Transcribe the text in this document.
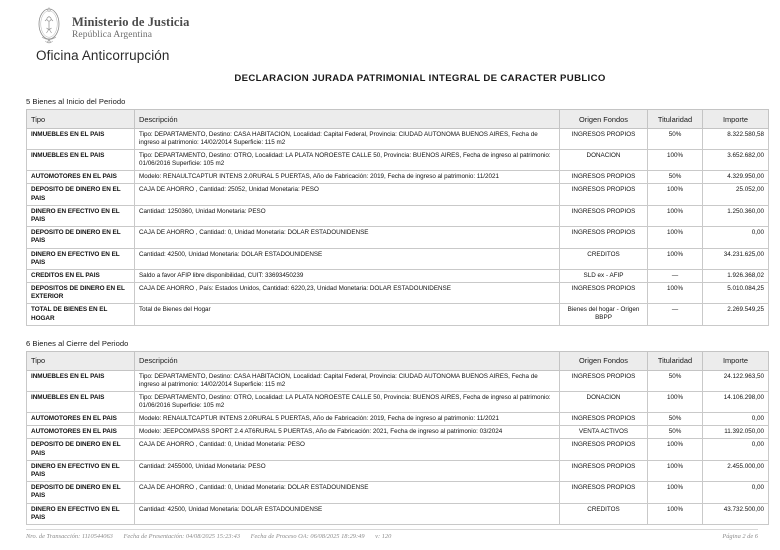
Ministerio de Justicia
República Argentina
Oficina Anticorrupción
DECLARACION JURADA PATRIMONIAL INTEGRAL DE CARACTER PUBLICO
5 Bienes al Inicio del Periodo
Tipo	Descripción	Origen Fondos	Titularidad	Importe
INMUEBLES EN EL PAIS	Tipo: DEPARTAMENTO, Destino: CASA HABITACION, Localidad: Capital Federal, Provincia: CIUDAD AUTONOMA BUENOS AIRES, Fecha de ingreso al patrimonio: 14/02/2014 Superficie: 115 m2	INGRESOS PROPIOS	50%	8.322.580,58
INMUEBLES EN EL PAIS	Tipo: DEPARTAMENTO, Destino: OTRO, Localidad: LA PLATA NOROESTE CALLE 50, Provincia: BUENOS AIRES, Fecha de ingreso al patrimonio: 01/06/2016 Superficie: 105 m2	DONACION	100%	3.652.682,00
AUTOMOTORES EN EL PAIS	Modelo: RENAULTCAPTUR INTENS 2.0RURAL 5 PUERTAS, Año de Fabricación: 2019, Fecha de ingreso al patrimonio: 11/2021	INGRESOS PROPIOS	50%	4.329.950,00
DEPOSITO DE DINERO EN EL PAIS	CAJA DE AHORRO , Cantidad: 25052, Unidad Monetaria: PESO	INGRESOS PROPIOS	100%	25.052,00
DINERO EN EFECTIVO EN EL PAIS	Cantidad: 1250360, Unidad Monetaria: PESO	INGRESOS PROPIOS	100%	1.250.360,00
DEPOSITO DE DINERO EN EL PAIS	CAJA DE AHORRO , Cantidad: 0, Unidad Monetaria: DOLAR ESTADOUNIDENSE	INGRESOS PROPIOS	100%	0,00
DINERO EN EFECTIVO EN EL PAIS	Cantidad: 42500, Unidad Monetaria: DOLAR ESTADOUNIDENSE	CREDITOS	100%	34.231.625,00
CREDITOS EN EL PAIS	Saldo a favor AFIP libre disponibilidad, CUIT: 33693450239	SLD ex - AFIP	—	1.926.368,02
DEPOSITOS DE DINERO EN EL EXTERIOR	CAJA DE AHORRO , País: Estados Unidos, Cantidad: 6220,23, Unidad Monetaria: DOLAR ESTADOUNIDENSE	INGRESOS PROPIOS	100%	5.010.084,25
TOTAL DE BIENES EN EL HOGAR	Total de Bienes del Hogar	Bienes del hogar - Origen BBPP	—	2.269.549,25
6 Bienes al Cierre del Periodo
Tipo	Descripción	Origen Fondos	Titularidad	Importe
INMUEBLES EN EL PAIS	Tipo: DEPARTAMENTO, Destino: CASA HABITACION, Localidad: Capital Federal, Provincia: CIUDAD AUTONOMA BUENOS AIRES, Fecha de ingreso al patrimonio: 14/02/2014 Superficie: 115 m2	INGRESOS PROPIOS	50%	24.122.963,50
INMUEBLES EN EL PAIS	Tipo: DEPARTAMENTO, Destino: OTRO, Localidad: LA PLATA NOROESTE CALLE 50, Provincia: BUENOS AIRES, Fecha de ingreso al patrimonio: 01/06/2016 Superficie: 105 m2	DONACION	100%	14.106.298,00
AUTOMOTORES EN EL PAIS	Modelo: RENAULTCAPTUR INTENS 2.0RURAL 5 PUERTAS, Año de Fabricación: 2019, Fecha de ingreso al patrimonio: 11/2021	INGRESOS PROPIOS	50%	0,00
AUTOMOTORES EN EL PAIS	Modelo: JEEPCOMPASS SPORT 2.4 AT6RURAL 5 PUERTAS, Año de Fabricación: 2021, Fecha de ingreso al patrimonio: 03/2024	VENTA ACTIVOS	50%	11.392.050,00
DEPOSITO DE DINERO EN EL PAIS	CAJA DE AHORRO , Cantidad: 0, Unidad Monetaria: PESO	INGRESOS PROPIOS	100%	0,00
DINERO EN EFECTIVO EN EL PAIS	Cantidad: 2455000, Unidad Monetaria: PESO	INGRESOS PROPIOS	100%	2.455.000,00
DEPOSITO DE DINERO EN EL PAIS	CAJA DE AHORRO , Cantidad: 0, Unidad Monetaria: DOLAR ESTADOUNIDENSE	INGRESOS PROPIOS	100%	0,00
DINERO EN EFECTIVO EN EL PAIS	Cantidad: 42500, Unidad Monetaria: DOLAR ESTADOUNIDENSE	CREDITOS	100%	43.732.500,00
Nro. de Transacción: 1110544063 Fecha de Presentación: 04/08/2025 15:23:43 Fecha de Proceso OA: 06/08/2025 18:29:49 v: 120	Página 2 de 6
